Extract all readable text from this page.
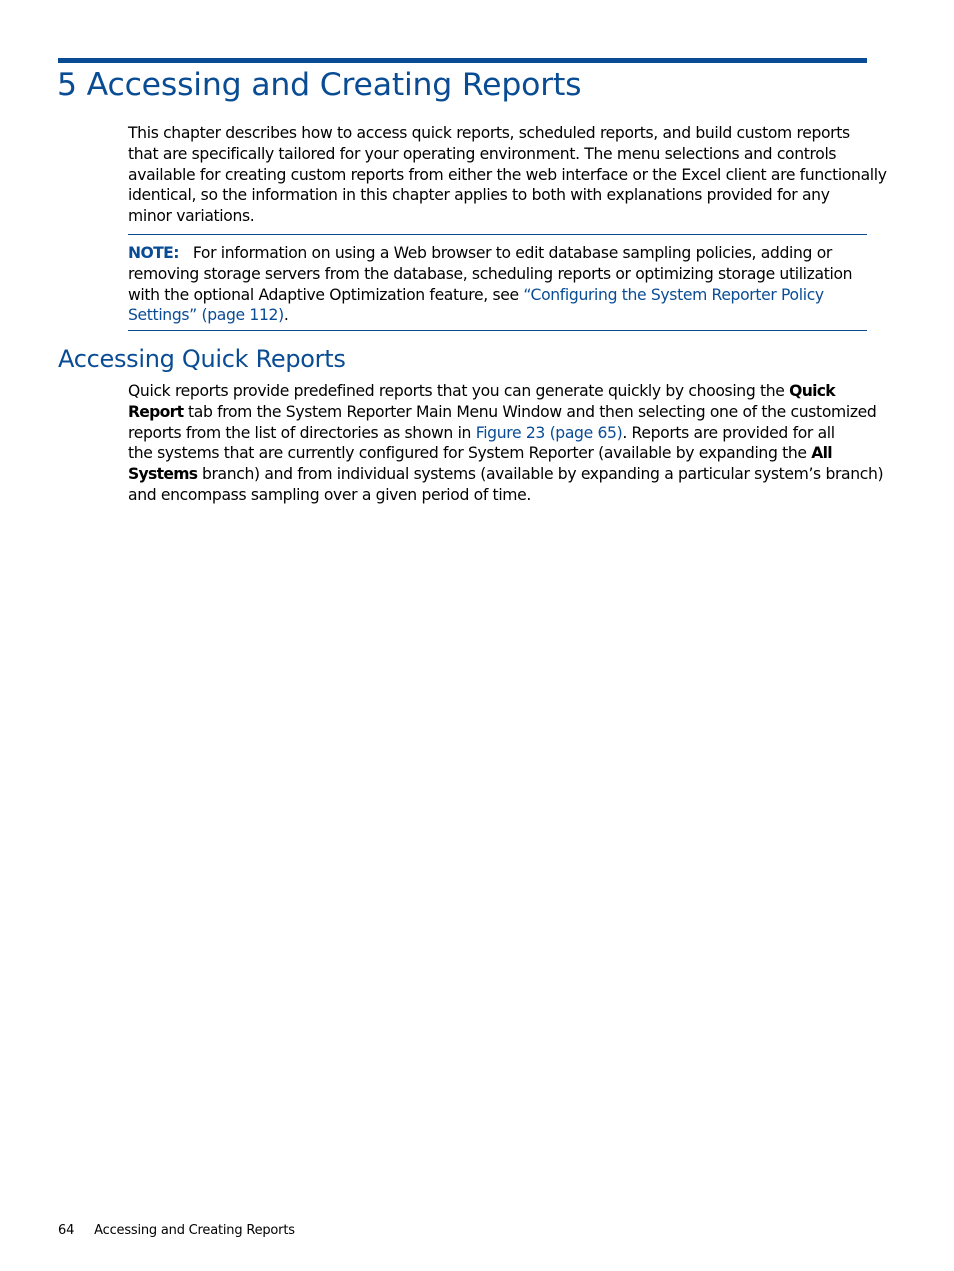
5 Accessing and Creating Reports

This chapter describes how to access quick reports, scheduled reports, and build custom reports
that are specifically tailored for your operating environment. The menu selections and controls
available for creating custom reports from either the web interface or the Excel client are functionally
identical, so the information in this chapter applies to both with explanations provided for any
minor variations.

NOTE: For information on using a Web browser to edit database sampling policies, adding or
removing storage servers from the database, scheduling reports or optimizing storage utilization
with the optional Adaptive Optimization feature, see “Configuring the System Reporter Policy
Settings” (page 112).

Accessing Quick Reports

Quick reports provide predefined reports that you can generate quickly by choosing the Quick
Report tab from the System Reporter Main Menu Window and then selecting one of the customized
reports from the list of directories as shown in Figure 23 (page 65). Reports are provided for all
the systems that are currently configured for System Reporter (available by expanding the All
Systems branch) and from individual systems (available by expanding a particular system’s branch)
and encompass sampling over a given period of time.

64 Accessing and Creating Reports
